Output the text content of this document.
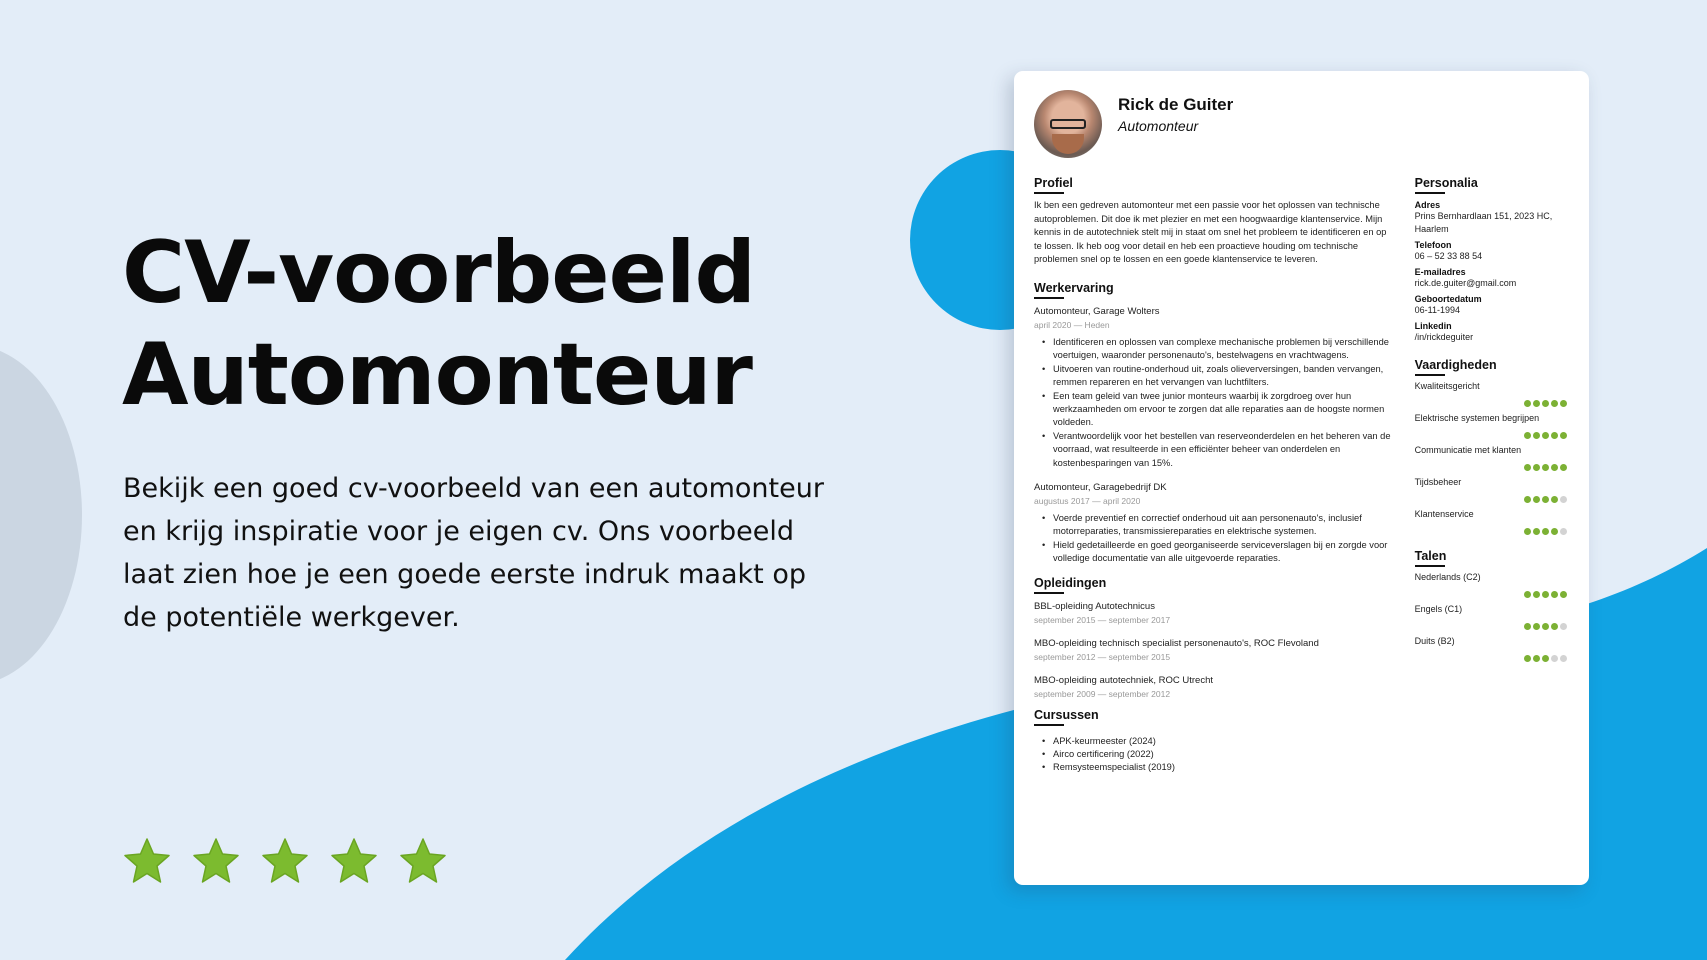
CV-voorbeeld
Automonteur

Bekijk een goed cv-voorbeeld van een automonteur en krijg inspiratie voor je eigen cv. Ons voorbeeld laat zien hoe je een goede eerste indruk maakt op de potentiële werkgever.

Rick de Guiter
Automonteur
Profiel

Ik ben een gedreven automonteur met een passie voor het oplossen van technische autoproblemen. Dit doe ik met plezier en met een hoogwaardige klantenservice. Mijn kennis in de autotechniek stelt mij in staat om snel het probleem te identificeren en op te lossen. Ik heb oog voor detail en heb een proactieve houding om technische problemen snel op te lossen en een goede klantenservice te leveren.

Werkervaring
Automonteur, Garage Wolters
april 2020 — Heden
• Identificeren en oplossen van complexe mechanische problemen bij verschillende voertuigen, waaronder personenauto's, bestelwagens en vrachtwagens.
• Uitvoeren van routine-onderhoud uit, zoals olieverversingen, banden vervangen, remmen repareren en het vervangen van luchtfilters.
• Een team geleid van twee junior monteurs waarbij ik zorgdroeg over hun werkzaamheden om ervoor te zorgen dat alle reparaties aan de hoogste normen voldeden.
• Verantwoordelijk voor het bestellen van reserveonderdelen en het beheren van de voorraad, wat resulteerde in een efficiënter beheer van onderdelen en kostenbesparingen van 15%.
Automonteur, Garagebedrijf DK
augustus 2017 — april 2020
• Voerde preventief en correctief onderhoud uit aan personenauto's, inclusief motorreparaties, transmissiereparaties en elektrische systemen.
• Hield gedetailleerde en goed georganiseerde serviceverslagen bij en zorgde voor volledige documentatie van alle uitgevoerde reparaties.
Opleidingen
BBL-opleiding Autotechnicus
september 2015 — september 2017
MBO-opleiding technisch specialist personenauto's, ROC Flevoland
september 2012 — september 2015
MBO-opleiding autotechniek, ROC Utrecht
september 2009 — september 2012
Cursussen
• APK-keurmeester (2024)
• Airco certificering (2022)
• Remsysteemspecialist (2019)
Personalia
Adres
Prins Bernhardlaan 151, 2023 HC, Haarlem
Telefoon
06 – 52 33 88 54
E-mailadres
rick.de.guiter@gmail.com
Geboortedatum
06-11-1994
Linkedin
/in/rickdeguiter
Vaardigheden
Kwaliteitsgericht
Elektrische systemen begrijpen
Communicatie met klanten
Tijdsbeheer
Klantenservice
Talen
Nederlands (C2)
Engels (C1)
Duits (B2)
